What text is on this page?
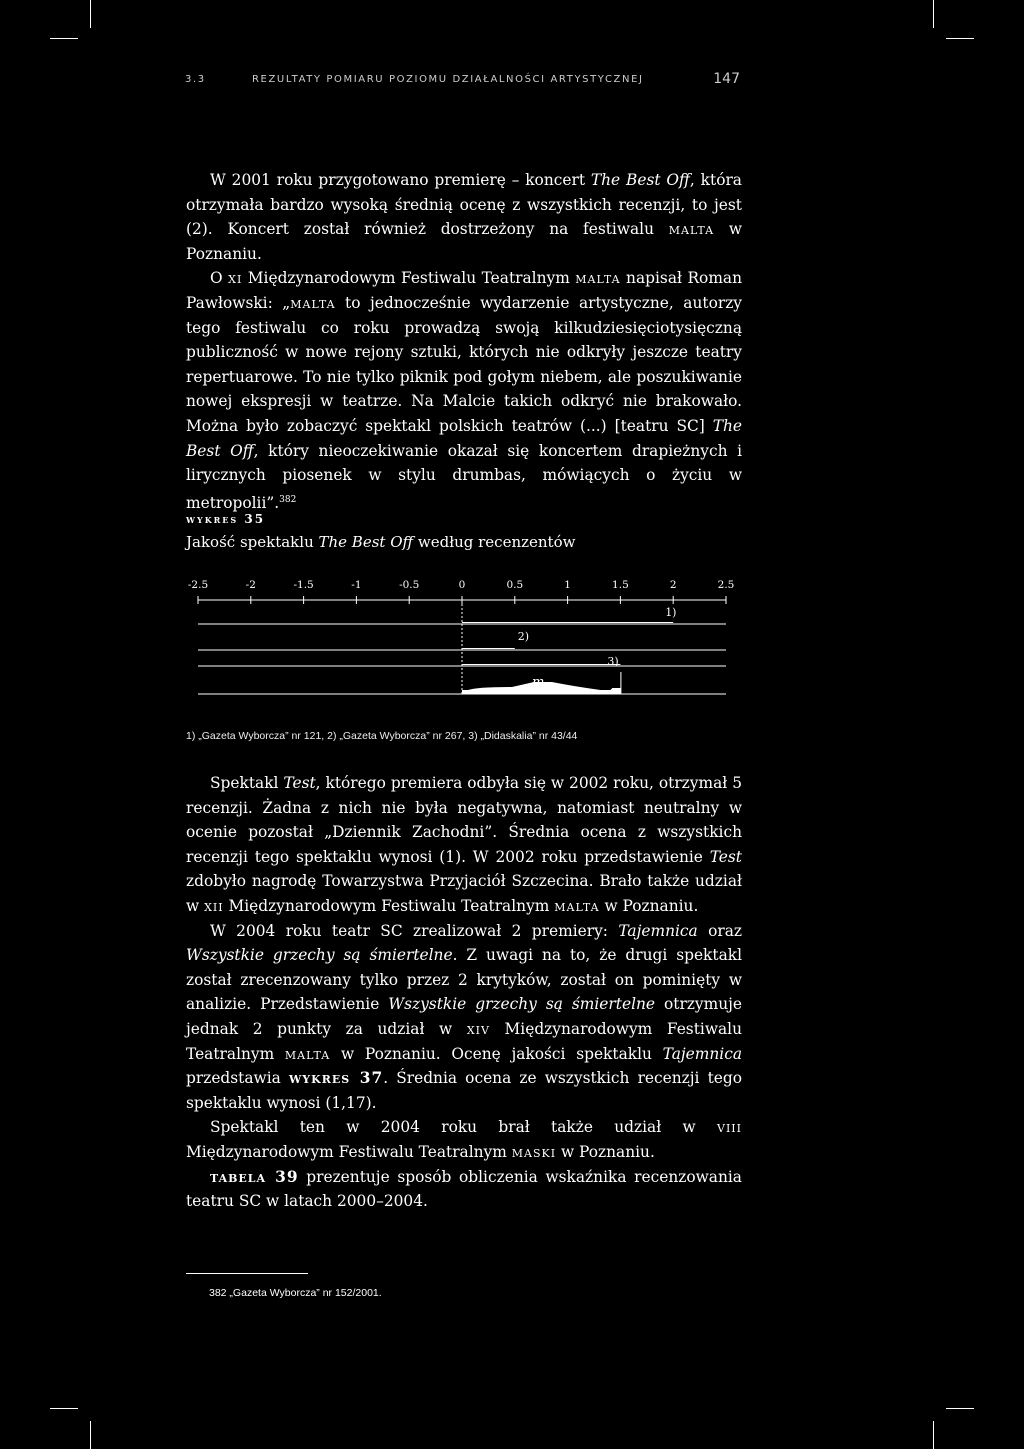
3.3	REZULTATY POMIARU POZIOMU DZIAŁALNOŚCI ARTYSTYCZNEJ	147

W 2001 roku przygotowano premierę – koncert The Best Off, która otrzymała bardzo wysoką średnią ocenę z wszystkich recenzji, to jest (2). Koncert został również dostrzeżony na festiwalu malta w Poznaniu.

O xi Międzynarodowym Festiwalu Teatralnym malta napisał Roman Pawłowski: „malta to jednocześnie wydarzenie artystyczne, autorzy tego festiwalu co roku prowadzą swoją kilkudziesięciotysięczną publiczność w nowe rejony sztuki, których nie odkryły jeszcze teatry repertuarowe. To nie tylko piknik pod gołym niebem, ale poszukiwanie nowej ekspresji w teatrze. Na Malcie takich odkryć nie brakowało. Można było zobaczyć spektakl polskich teatrów (...) [teatru SC] The Best Off, który nieoczekiwanie okazał się koncertem drapieżnych i lirycznych piosenek w stylu drumbas, mówiących o życiu w metropolii”.$^{382}$

wykres 35
Jakość spektaklu The Best Off według recenzentów
-2.5	-2	-1.5	-1	-0.5	0	0.5	1	1.5	2	2.5
1)
2)
3)
$m_{th}$
1) „Gazeta Wyborcza” nr 121, 2) „Gazeta Wyborcza” nr 267, 3) „Didaskalia” nr 43/44

Spektakl Test, którego premiera odbyła się w 2002 roku, otrzymał 5 recenzji. Żadna z nich nie była negatywna, natomiast neutralny w ocenie pozostał „Dziennik Zachodni”. Średnia ocena z wszystkich recenzji tego spektaklu wynosi (1). W 2002 roku przedstawienie Test zdobyło nagrodę Towarzystwa Przyjaciół Szczecina. Brało także udział w xii Międzynarodowym Festiwalu Teatralnym malta w Poznaniu.

W 2004 roku teatr SC zrealizował 2 premiery: Tajemnica oraz Wszystkie grzechy są śmiertelne. Z uwagi na to, że drugi spektakl został zrecenzowany tylko przez 2 krytyków, został on pominięty w analizie. Przedstawienie Wszystkie grzechy są śmiertelne otrzymuje jednak 2 punkty za udział w xiv Międzynarodowym Festiwalu Teatralnym malta w Poznaniu. Ocenę jakości spektaklu Tajemnica przedstawia wykres 37. Średnia ocena ze wszystkich recenzji tego spektaklu wynosi (1,17).

Spektakl ten w 2004 roku brał także udział w viii Międzynarodowym Festiwalu Teatralnym maski w Poznaniu.

tabela 39 prezentuje sposób obliczenia wskaźnika recenzowania teatru SC w latach 2000–2004.

382 „Gazeta Wyborcza” nr 152/2001.
